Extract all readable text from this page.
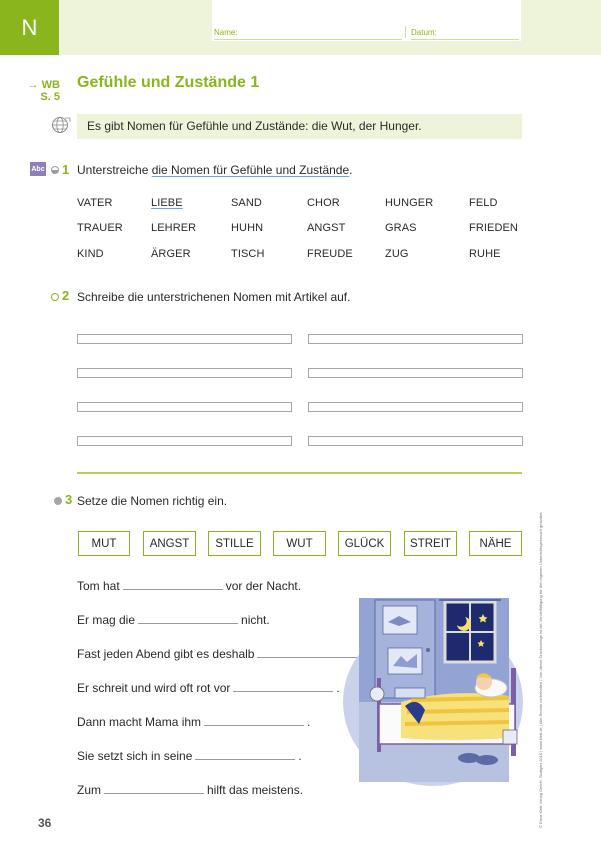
N	Name:	Datum:
→ WB
S. 5
Gefühle und Zustände 1
Es gibt Nomen für Gefühle und Zustände: die Wut, der Hunger.
Abc 1 Unterstreiche die Nomen für Gefühle und Zustände.
VATER	LIEBE	SAND	CHOR	HUNGER	FELD
TRAUER	LEHRER	HUHN	ANGST	GRAS	FRIEDEN
KIND	ÄRGER	TISCH	FREUDE	ZUG	RUHE
2 Schreibe die unterstrichenen Nomen mit Artikel auf.
3 Setze die Nomen richtig ein.
MUT	ANGST	STILLE	WUT	GLÜCK	STREIT	NÄHE
Tom hat	vor der Nacht.
Er mag die	nicht.
Fast jeden Abend gibt es deshalb
Er schreit und wird oft rot vor	.
Dann macht Mama ihm	.
Sie setzt sich in seine	.
Zum	hilft das meistens.
36	© Ernst Klett Verlag GmbH, Stuttgart 2018 | www.klett.de | Alle Rechte vorbehalten | Von dieser Druckvorlage ist die Vervielfältigung für den eigenen Unterrichtsgebrauch gestattet.
